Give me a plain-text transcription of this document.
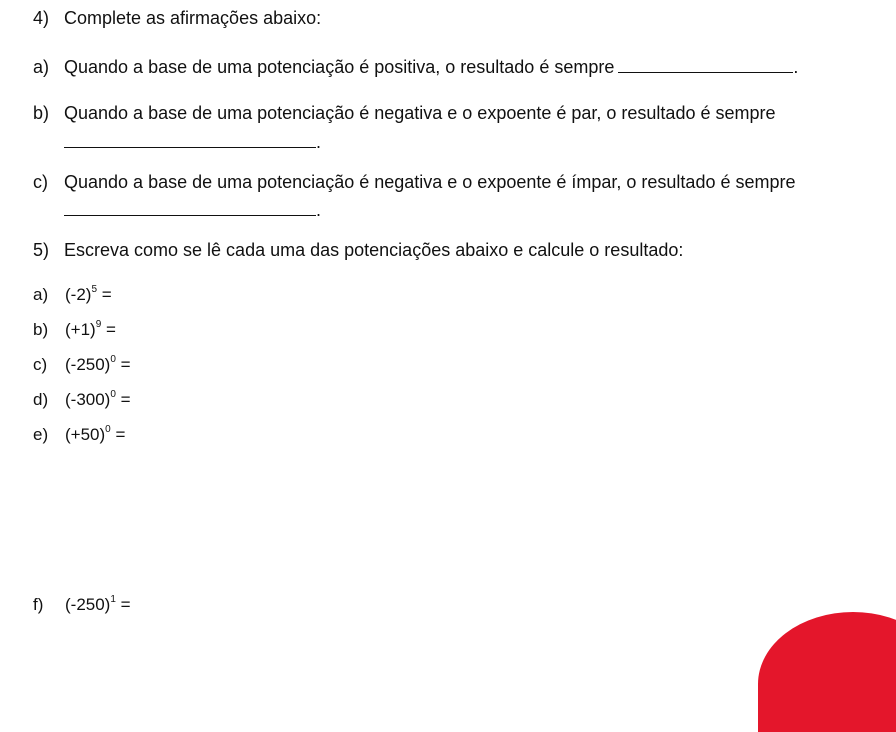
4) Complete as afirmações abaixo:
a) Quando a base de uma potenciação é positiva, o resultado é sempre	.
b) Quando a base de uma potenciação é negativa e o expoente é par, o resultado é sempre
.
c) Quando a base de uma potenciação é negativa e o expoente é ímpar, o resultado é sempre
.
5) Escreva como se lê cada uma das potenciações abaixo e calcule o resultado:
a) $(-2)^5$ =
b) $(+1)^9$ =
c) $(-250)^0$ =
d) $(-300)^0$ =
e) $(+50)^0$ =
f) $(-250)^1$ =
